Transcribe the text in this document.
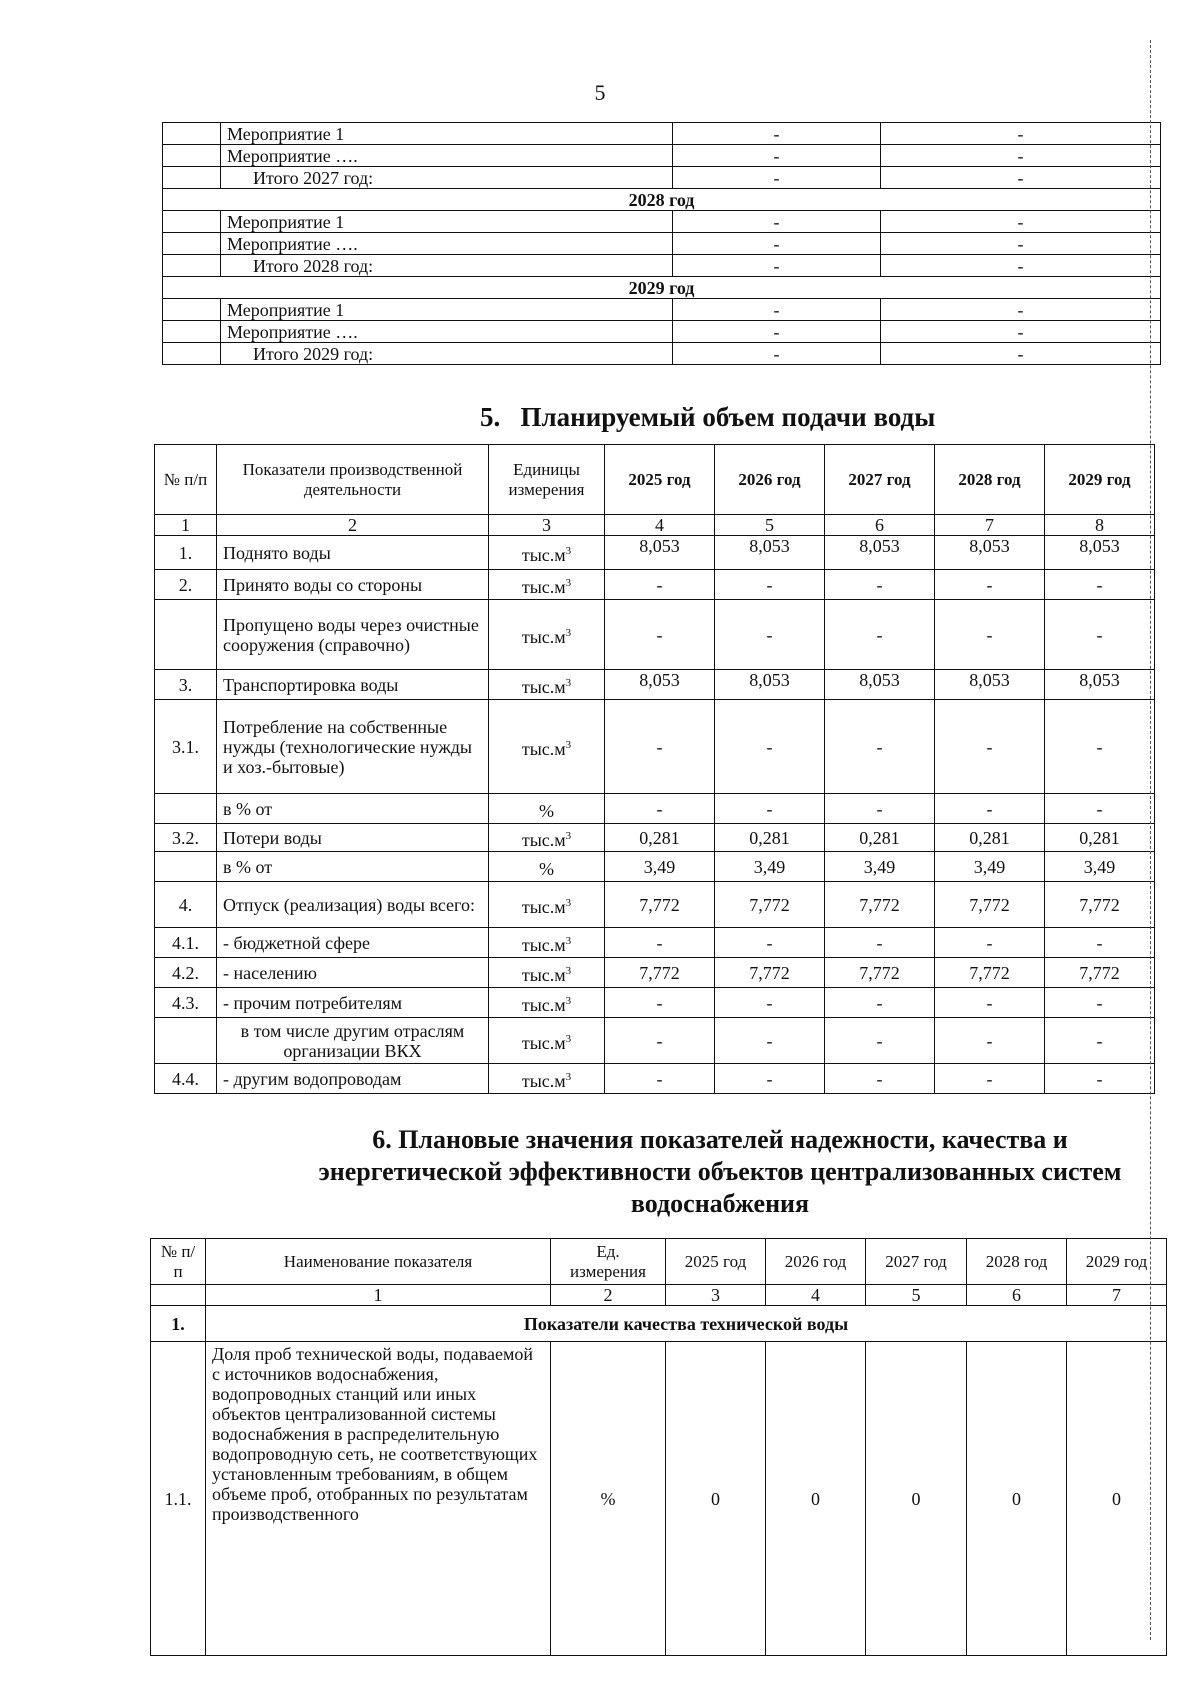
5
	Мероприятие 1	-	-
	Мероприятие ….	-	-
	Итого 2027 год:	-	-
2028 год			
	Мероприятие 1	-	-
	Мероприятие ….	-	-
	Итого 2028 год:	-	-
2029 год			
	Мероприятие 1	-	-
	Мероприятие ….	-	-
	Итого 2029 год:	-	-
5. Планируемый объем подачи воды
№ п/п	Показатели производственной деятельности	Единицы измерения	2025 год	2026 год	2027 год	2028 год	2029 год
1	2	3	4	5	6	7	8
1.	Поднято воды	$тыс.м^3$	8,053	8,053	8,053	8,053	8,053
2.	Принято воды со стороны	$тыс.м^3$	-	-	-	-	-
	Пропущено воды через очистные сооружения (справочно)	$тыс.м^3$	-	-	-	-	-
3.	Транспортировка воды	$тыс.м^3$	8,053	8,053	8,053	8,053	8,053
3.1.	Потребление на собственные нужды (технологические нужды и хоз.-бытовые)	$тыс.м^3$	-	-	-	-	-
	в % от	%	-	-	-	-	-
3.2.	Потери воды	$тыс.м^3$	0,281	0,281	0,281	0,281	0,281
	в % от	%	3,49	3,49	3,49	3,49	3,49
4.	Отпуск (реализация) воды всего:	$тыс.м^3$	7,772	7,772	7,772	7,772	7,772
4.1.	- бюджетной сфере	$тыс.м^3$	-	-	-	-	-
4.2.	- населению	$тыс.м^3$	7,772	7,772	7,772	7,772	7,772
4.3.	- прочим потребителям	$тыс.м^3$	-	-	-	-	-
	в том числе другим отраслям организации ВКХ	$тыс.м^3$	-	-	-	-	-
4.4.	- другим водопроводам	$тыс.м^3$	-	-	-	-	-
6. Плановые значения показателей надежности, качества и энергетической эффективности объектов централизованных систем водоснабжения
№ п/п	Наименование показателя	Ед. измерения	2025 год	2026 год	2027 год	2028 год	2029 год
	1	2	3	4	5	6	7
1.	Показатели качества технической воды						
1.1.	Доля проб технической воды, подаваемой с источников водоснабжения, водопроводных станций или иных объектов централизованной системы водоснабжения в распределительную водопроводную сеть, не соответствующих установленным требованиям, в общем объеме проб, отобранных по результатам производственного	%	0	0	0	0	0
